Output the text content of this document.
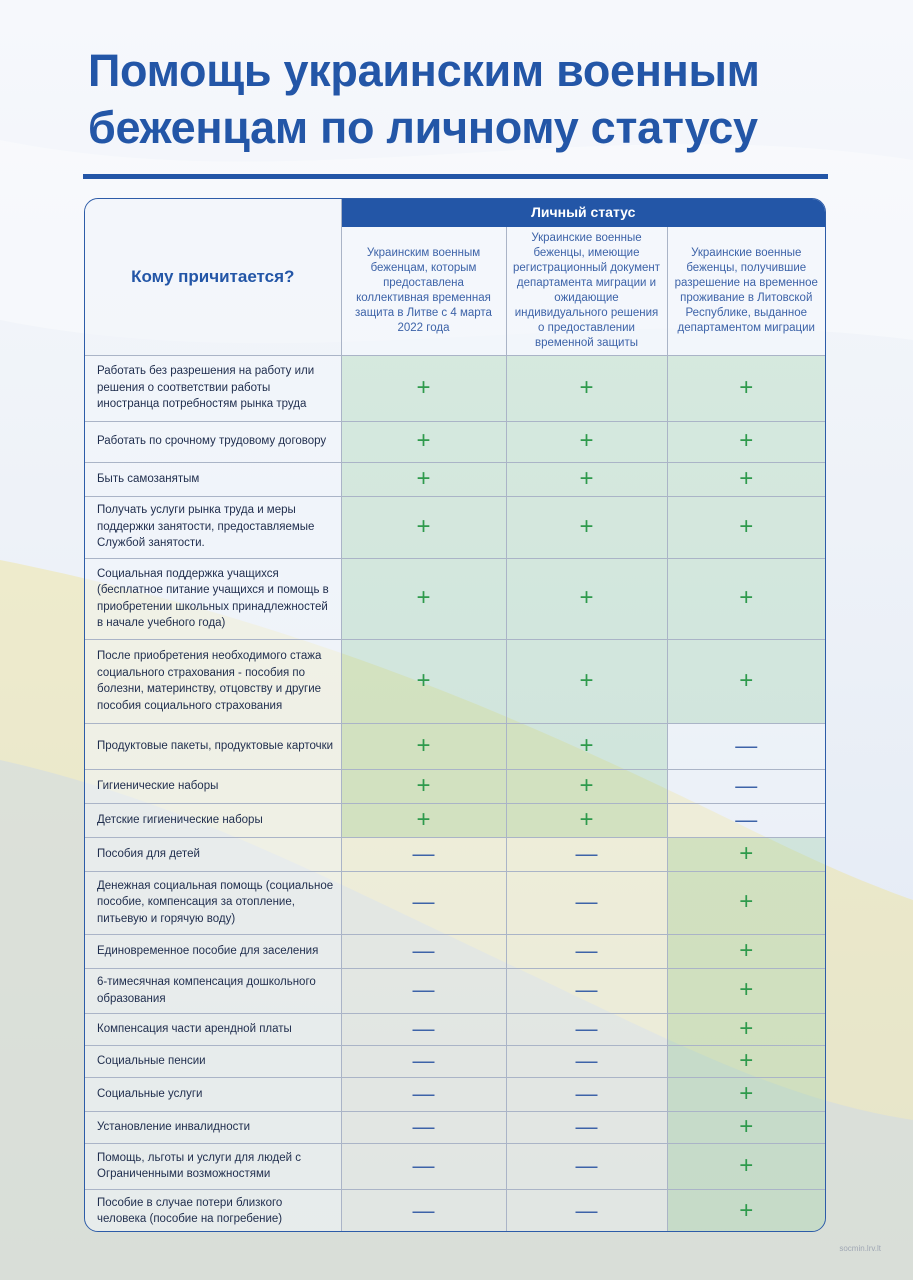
Помощь украинским военным
беженцам по личному статусу
Кому причитается?	Личный статус		
	Украинским военным беженцам, которым предоставлена коллективная временная защита в Литве с 4 марта 2022 года	Украинские военные беженцы, имеющие регистрационный документ департамента миграции и ожидающие индивидуального решения о предоставлении временной защиты	Украинские военные беженцы, получившие разрешение на временное проживание в Литовской Республике, выданное департаментом миграции
Работать без разрешения на работу или решения о соответствии работы иностранца потребностям рынка труда	+	+	+
Работать по срочному трудовому договору	+	+	+
Быть самозанятым	+	+	+
Получать услуги рынка труда и меры поддержки занятости, предоставляемые Службой занятости.	+	+	+
Социальная поддержка учащихся (бесплатное питание учащихся и помощь в приобретении школьных принадлежностей в начале учебного года)	+	+	+
После приобретения необходимого стажа социального страхования - пособия по болезни, материнству, отцовству и другие пособия социального страхования	+	+	+
Продуктовые пакеты, продуктовые карточки	+	+	—
Гигиенические наборы	+	+	—
Детские гигиенические наборы	+	+	—
Пособия для детей	—	—	+
Денежная социальная помощь (социальное пособие, компенсация за отопление, питьевую и горячую воду)	—	—	+
Единовременное пособие для заселения	—	—	+
6-тимесячная компенсация дошкольного образования	—	—	+
Компенсация части арендной платы	—	—	+
Социальные пенсии	—	—	+
Социальные услуги	—	—	+
Установление инвалидности	—	—	+
Помощь, льготы и услуги для людей с Ограниченными возможностями	—	—	+
Пособие в случае потери близкого человека (пособие на погребение)	—	—	+
socmin.lrv.lt
